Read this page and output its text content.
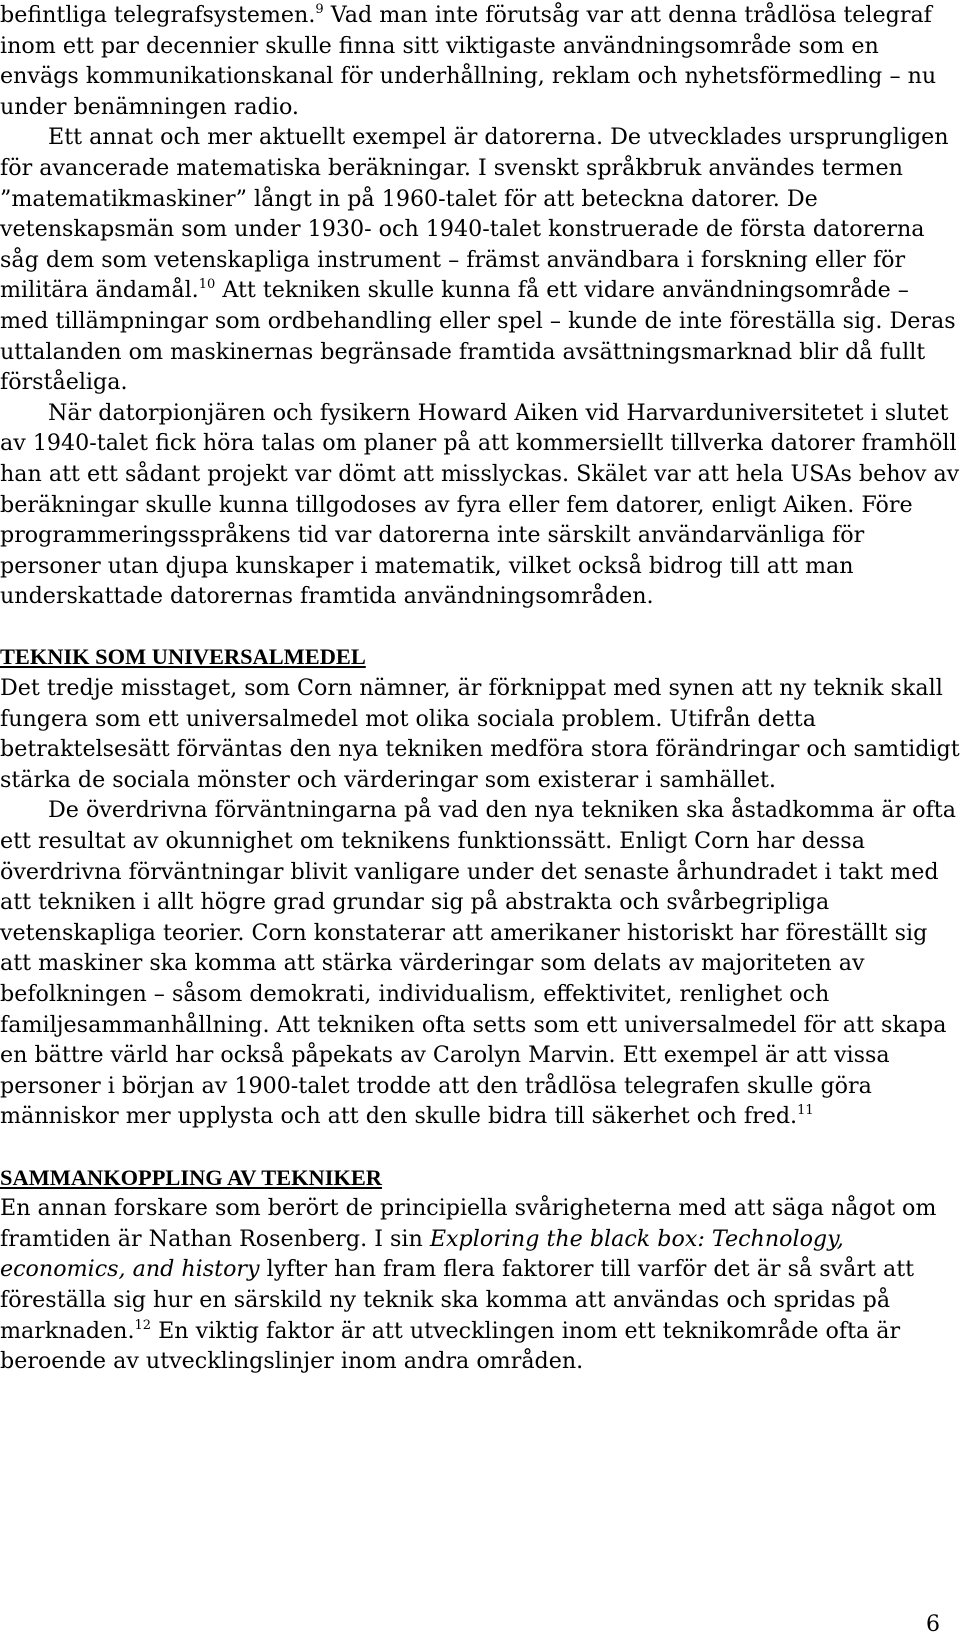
befintliga telegrafsystemen.$^9$ Vad man inte förutsåg var att denna trådlösa telegraf inom ett par decennier skulle finna sitt viktigaste användningsområde som en envägs kommunikationskanal för underhållning, reklam och nyhetsförmedling – nu under benämningen radio.

Ett annat och mer aktuellt exempel är datorerna. De utvecklades ursprungligen för avancerade matematiska beräkningar. I svenskt språkbruk användes termen ”matematikmaskiner” långt in på 1960-talet för att beteckna datorer. De vetenskapsmän som under 1930- och 1940-talet konstruerade de första datorerna såg dem som vetenskapliga instrument – främst användbara i forskning eller för militära ändamål.$^{10}$ Att tekniken skulle kunna få ett vidare användningsområde – med tillämpningar som ordbehandling eller spel – kunde de inte föreställa sig. Deras uttalanden om maskinernas begränsade framtida avsättningsmarknad blir då fullt förståeliga.

När datorpionjären och fysikern Howard Aiken vid Harvarduniversitetet i slutet av 1940-talet fick höra talas om planer på att kommersiellt tillverka datorer framhöll han att ett sådant projekt var dömt att misslyckas. Skälet var att hela USAs behov av beräkningar skulle kunna tillgodoses av fyra eller fem datorer, enligt Aiken. Före programmeringsspråkens tid var datorerna inte särskilt användarvänliga för personer utan djupa kunskaper i matematik, vilket också bidrog till att man underskattade datorernas framtida användningsområden.

TEKNIK SOM UNIVERSALMEDEL

Det tredje misstaget, som Corn nämner, är förknippat med synen att ny teknik skall fungera som ett universalmedel mot olika sociala problem. Utifrån detta betraktelsesätt förväntas den nya tekniken medföra stora förändringar och samtidigt stärka de sociala mönster och värderingar som existerar i samhället.

De överdrivna förväntningarna på vad den nya tekniken ska åstadkomma är ofta ett resultat av okunnighet om teknikens funktionssätt. Enligt Corn har dessa överdrivna förväntningar blivit vanligare under det senaste århundradet i takt med att tekniken i allt högre grad grundar sig på abstrakta och svårbegripliga vetenskapliga teorier. Corn konstaterar att amerikaner historiskt har föreställt sig att maskiner ska komma att stärka värderingar som delats av majoriteten av befolkningen – såsom demokrati, individualism, effektivitet, renlighet och familjesammanhållning. Att tekniken ofta setts som ett universalmedel för att skapa en bättre värld har också påpekats av Carolyn Marvin. Ett exempel är att vissa personer i början av 1900-talet trodde att den trådlösa telegrafen skulle göra människor mer upplysta och att den skulle bidra till säkerhet och fred.$^{11}$

SAMMANKOPPLING AV TEKNIKER

En annan forskare som berört de principiella svårigheterna med att säga något om framtiden är Nathan Rosenberg. I sin Exploring the black box: Technology, economics, and history lyfter han fram flera faktorer till varför det är så svårt att föreställa sig hur en särskild ny teknik ska komma att användas och spridas på marknaden.$^{12}$ En viktig faktor är att utvecklingen inom ett teknikområde ofta är beroende av utvecklingslinjer inom andra områden.

6
